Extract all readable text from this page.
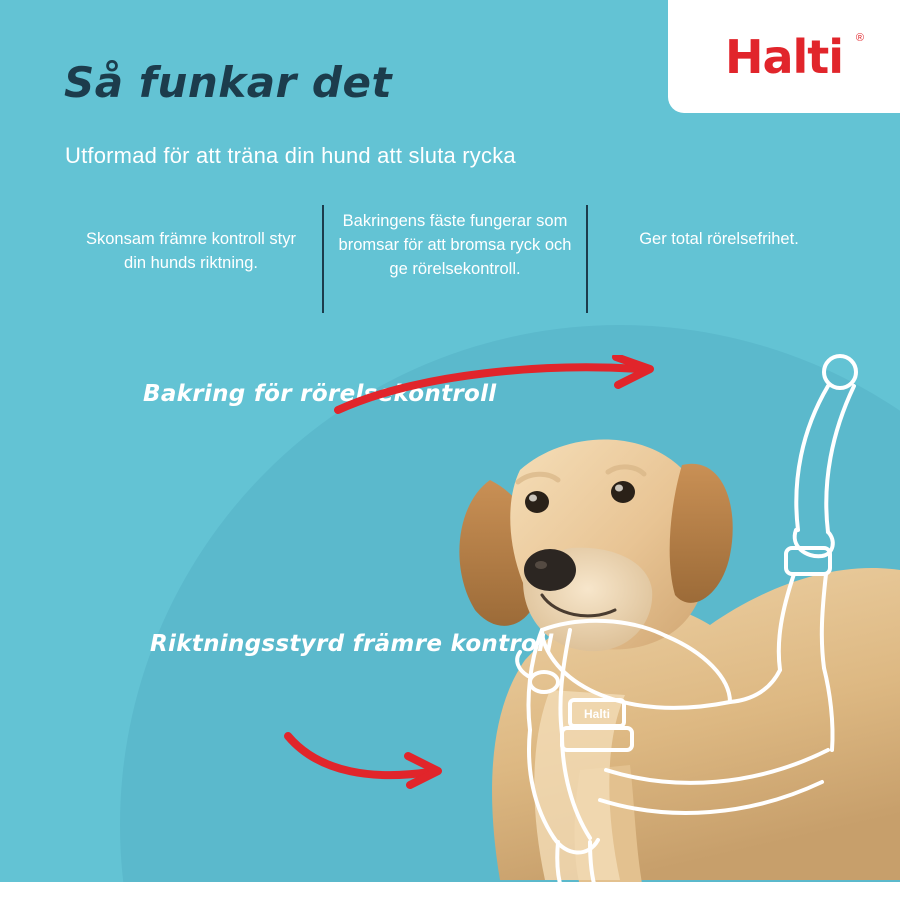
Halti
Halti ®
Så funkar det
Utformad för att träna din hund att sluta rycka
Skonsam främre kontroll styr din hunds riktning.
Bakringens fäste fungerar som bromsar för att bromsa ryck och ge rörelsekontroll.
Ger total rörelsefrihet.
Bakring för rörelsekontroll
Riktningsstyrd främre kontroll
